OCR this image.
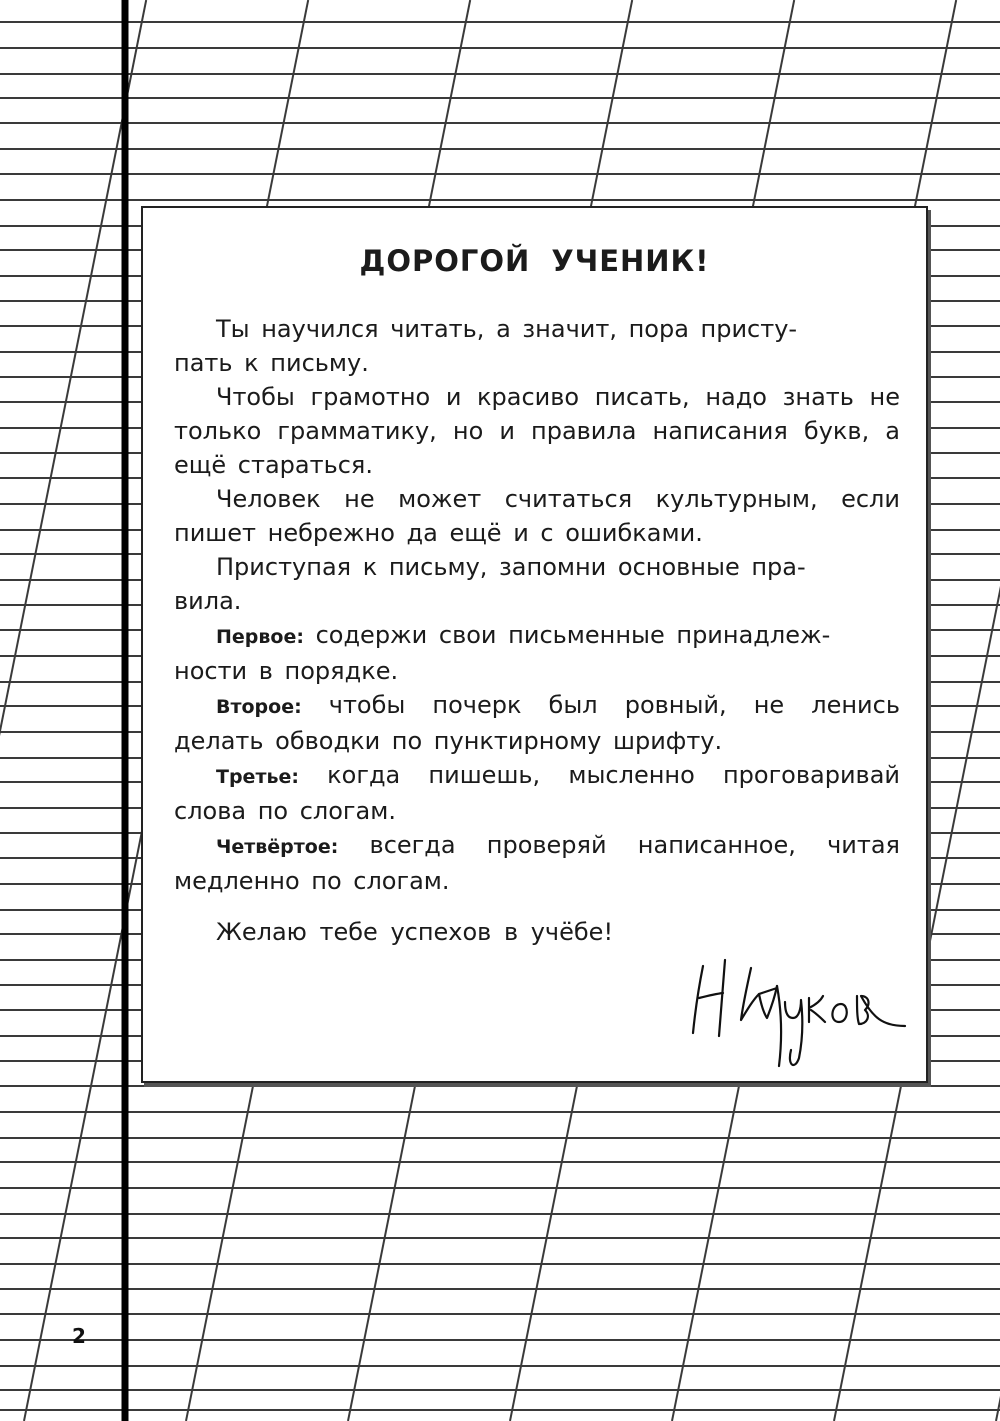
ДОРОГОЙ УЧЕНИК!

Ты научился читать, а значит, пора присту-
пать к письму.

Чтобы грамотно и красиво писать, надо знать не только грамматику, но и правила написания букв, а ещё стараться.

Человек не может считаться культурным, если пишет небрежно да ещё и с ошибками.

Приступая к письму, запомни основные пра-
вила.

Первое: содержи свои письменные принадлеж-
ности в порядке.

Второе: чтобы почерк был ровный, не ленись делать обводки по пунктирному шрифту.

Третье: когда пишешь, мысленно проговаривай слова по слогам.

Четвёртое: всегда проверяй написанное, читая медленно по слогам.

Желаю тебе успехов в учёбе!
2
